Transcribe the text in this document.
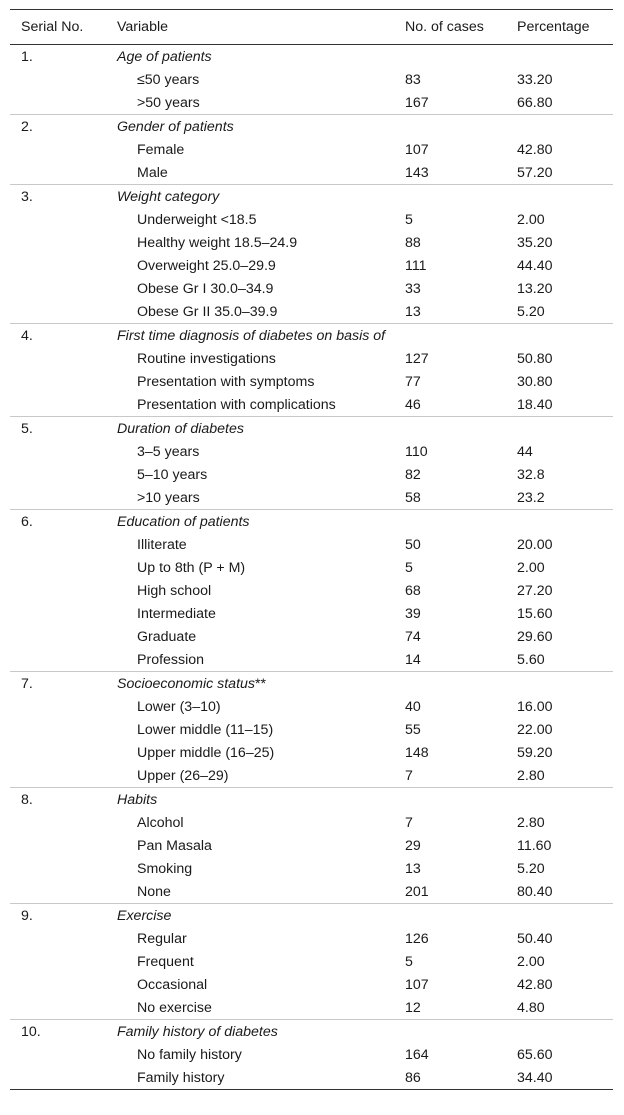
Serial No.	Variable	No. of cases	Percentage
1.	Age of patients		
	≤50 years	83	33.20
	>50 years	167	66.80
2.	Gender of patients		
	Female	107	42.80
	Male	143	57.20
3.	Weight category		
	Underweight <18.5	5	2.00
	Healthy weight 18.5–24.9	88	35.20
	Overweight 25.0–29.9	111	44.40
	Obese Gr I 30.0–34.9	33	13.20
	Obese Gr II 35.0–39.9	13	5.20
4.	First time diagnosis of diabetes on basis of		
	Routine investigations	127	50.80
	Presentation with symptoms	77	30.80
	Presentation with complications	46	18.40
5.	Duration of diabetes		
	3–5 years	110	44
	5–10 years	82	32.8
	>10 years	58	23.2
6.	Education of patients		
	Illiterate	50	20.00
	Up to 8th (P + M)	5	2.00
	High school	68	27.20
	Intermediate	39	15.60
	Graduate	74	29.60
	Profession	14	5.60
7.	Socioeconomic status**		
	Lower (3–10)	40	16.00
	Lower middle (11–15)	55	22.00
	Upper middle (16–25)	148	59.20
	Upper (26–29)	7	2.80
8.	Habits		
	Alcohol	7	2.80
	Pan Masala	29	11.60
	Smoking	13	5.20
	None	201	80.40
9.	Exercise		
	Regular	126	50.40
	Frequent	5	2.00
	Occasional	107	42.80
	No exercise	12	4.80
10.	Family history of diabetes		
	No family history	164	65.60
	Family history	86	34.40
